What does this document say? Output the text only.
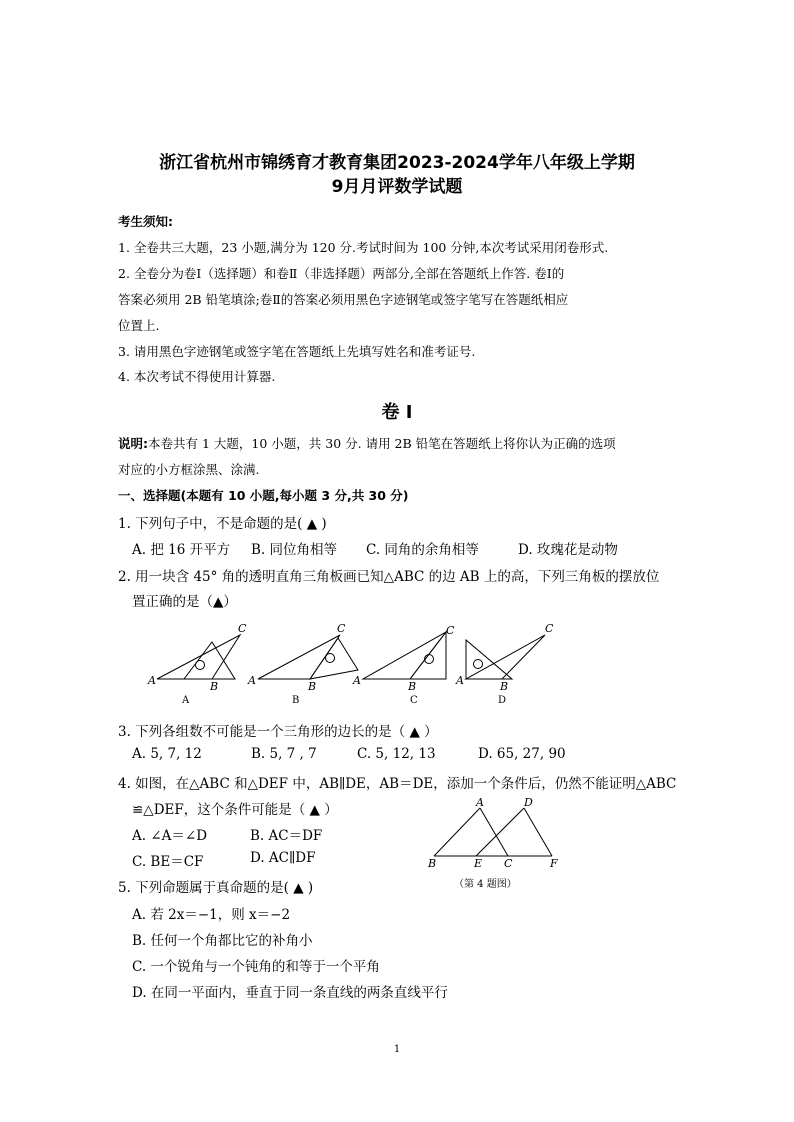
浙江省杭州市锦绣育才教育集团2023-2024学年八年级上学期
9月月评数学试题
考生须知:
1. 全卷共三大题，23 小题,满分为 120 分.考试时间为 100 分钟,本次考试采用闭卷形式.
2. 全卷分为卷Ⅰ（选择题）和卷Ⅱ（非选择题）两部分,全部在答题纸上作答. 卷Ⅰ的
答案必须用 2B 铅笔填涂;卷Ⅱ的答案必须用黑色字迹钢笔或签字笔写在答题纸相应
位置上.
3. 请用黑色字迹钢笔或签字笔在答题纸上先填写姓名和准考证号.
4. 本次考试不得使用计算器.
卷 Ⅰ
说明:本卷共有 1 大题，10 小题，共 30 分. 请用 2B 铅笔在答题纸上将你认为正确的选项
对应的小方框涂黑、涂满.
一、选择题(本题有 10 小题,每小题 3 分,共 30 分)
1. 下列句子中，不是命题的是( ▲ )
A. 把 16 开平方 B. 同位角相等 C. 同角的余角相等	D. 玫瑰花是动物
2. 用一块含 45° 角的透明直角三角板画已知△ABC 的边 AB 上的高，下列三角板的摆放位
置正确的是（▲）
A	B
C
A	B
C
A	B
C
A	B
C
A	B	C	D
3. 下列各组数不可能是一个三角形的边长的是（ ▲ ）
A. 5, 7, 12	B. 5, 7 , 7	C. 5, 12, 13	D. 65, 27, 90
4. 如图，在△ABC 和△DEF 中，AB∥DE，AB＝DE，添加一个条件后，仍然不能证明△ABC
≌△DEF，这个条件可能是（ ▲ ）
A. ∠A＝∠D	B. AC＝DF
C. BE＝CF	D. AC∥DF
A	D
B	E C	F
（第 4 题图）
5. 下列命题属于真命题的是( ▲ )
A. 若 2x＝−1，则 x＝−2
B. 任何一个角都比它的补角小
C. 一个锐角与一个钝角的和等于一个平角
D. 在同一平面内，垂直于同一条直线的两条直线平行
1
